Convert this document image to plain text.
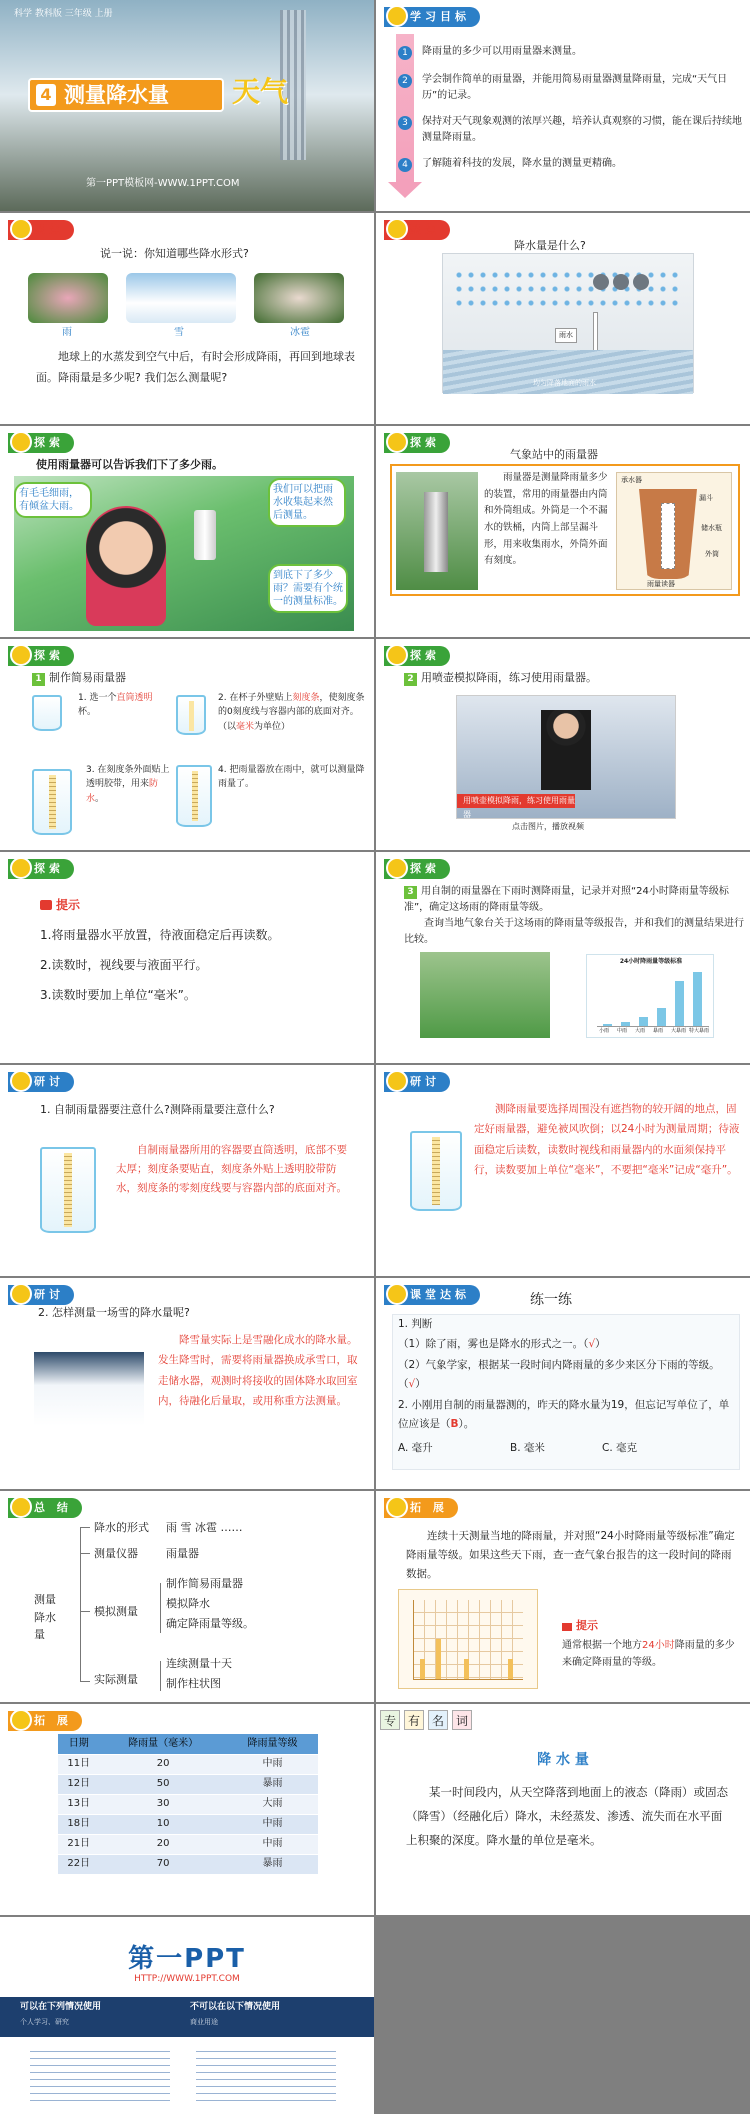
科学 教科版 三年级 上册
4 测量降水量 天气
第一PPT模板网-WWW.1PPT.COM
学习目标
1
2
3
4
降雨量的多少可以用雨量器来测量。
学会制作简单的雨量器，并能用简易雨量器测量降雨量，完成“天气日历”的记录。
保持对天气现象观测的浓厚兴趣，培养认真观察的习惯，能在课后持续地测量降雨量。
了解随着科技的发展，降水量的测量更精确。
聚焦
说一说：你知道哪些降水形式?
雨	雪	冰雹
地球上的水蒸发到空气中后，有时会形成降雨，再回到地球表面。降雨量是多少呢? 我们怎么测量呢?
聚焦
降水量是什么?
雨水
均匀降落地面的雨水
探索
使用雨量器可以告诉我们下了多少雨。
有毛毛细雨，有倾盆大雨。
我们可以把雨水收集起来然后测量。
到底下了多少雨？需要有个统一的测量标准。
探索
气象站中的雨量器
雨量器是测量降雨量多少的装置，常用的雨量器由内筒和外筒组成。外筒是一个不漏水的铁桶，内筒上部呈漏斗形，用来收集雨水，外筒外面有刻度。
承水器
漏斗
储水瓶
外筒
雨量读器
探索
1 制作简易雨量器
1. 选一个直筒透明杯。
2. 在杯子外壁贴上刻度条，使刻度条的0刻度线与容器内部的底面对齐。（以毫米为单位）
3. 在刻度条外面贴上透明胶带，用来防水。
4. 把雨量器放在雨中，就可以测量降雨量了。
探索
2 用喷壶模拟降雨，练习使用雨量器。
用喷壶模拟降雨，练习使用雨量器
点击图片，播放视频
探索
提示
1.将雨量器水平放置，待液面稳定后再读数。
2.读数时，视线要与液面平行。
3.读数时要加上单位“毫米”。
探索
3 用自制的雨量器在下雨时测降雨量，记录并对照“24小时降雨量等级标准”，确定这场雨的降雨量等级。
查询当地气象台关于这场雨的降雨量等级报告，并和我们的测量结果进行比较。
24小时降雨量等级标准
小雨 中雨 大雨 暴雨 大暴雨 特大暴雨
研讨
1. 自制雨量器要注意什么?测降雨量要注意什么?
自制雨量器所用的容器要直筒透明，底部不要太厚；刻度条要贴直，刻度条外贴上透明胶带防水，刻度条的零刻度线要与容器内部的底面对齐。
研讨
测降雨量要选择周围没有遮挡物的较开阔的地点，固定好雨量器，避免被风吹倒；以24小时为测量周期；待液面稳定后读数，读数时视线和雨量器内的水面须保持平行，读数要加上单位“毫米”，不要把“毫米”记成“毫升”。
研讨
2. 怎样测量一场雪的降水量呢?
降雪量实际上是雪融化成水的降水量。发生降雪时，需要将雨量器换成承雪口，取走储水器，观测时将接收的固体降水取回室内，待融化后量取，或用称重方法测量。
课堂达标	练一练
1. 判断
（1）除了雨，雾也是降水的形式之一。（√）
（2）气象学家，根据某一段时间内降雨量的多少来区分下雨的等级。（√）
2. 小刚用自制的雨量器测的，昨天的降水量为19，但忘记写单位了，单位应该是（B）。
A. 毫升	B. 毫米	C. 毫克
总 结
测量降水量
降水的形式 雨 雪 冰雹 ……
测量仪器	雨量器
模拟测量
制作简易雨量器
模拟降水
确定降雨量等级。
实际测量
连续测量十天
制作柱状图
拓 展
连续十天测量当地的降雨量，并对照“24小时降雨量等级标准”确定降雨量等级。如果这些天下雨，查一查气象台报告的这一段时间的降雨数据。
提示
通常根据一个地方24小时降雨量的多少来确定降雨量的等级。
拓 展
日期	降雨量（毫米）	降雨量等级
11日	20	中雨
12日	50	暴雨
13日	30	大雨
18日	10	中雨
21日	20	中雨
22日	70	暴雨
专 有 名 词
降 水 量
某一时间段内，从天空降落到地面上的液态（降雨）或固态（降雪）（经融化后）降水，未经蒸发、渗透、流失而在水平面上积聚的深度。降水量的单位是毫米。
第一PPT
HTTP://WWW.1PPT.COM
可以在下列情况使用
个人学习、研究
不可以在以下情况使用
商业用途
